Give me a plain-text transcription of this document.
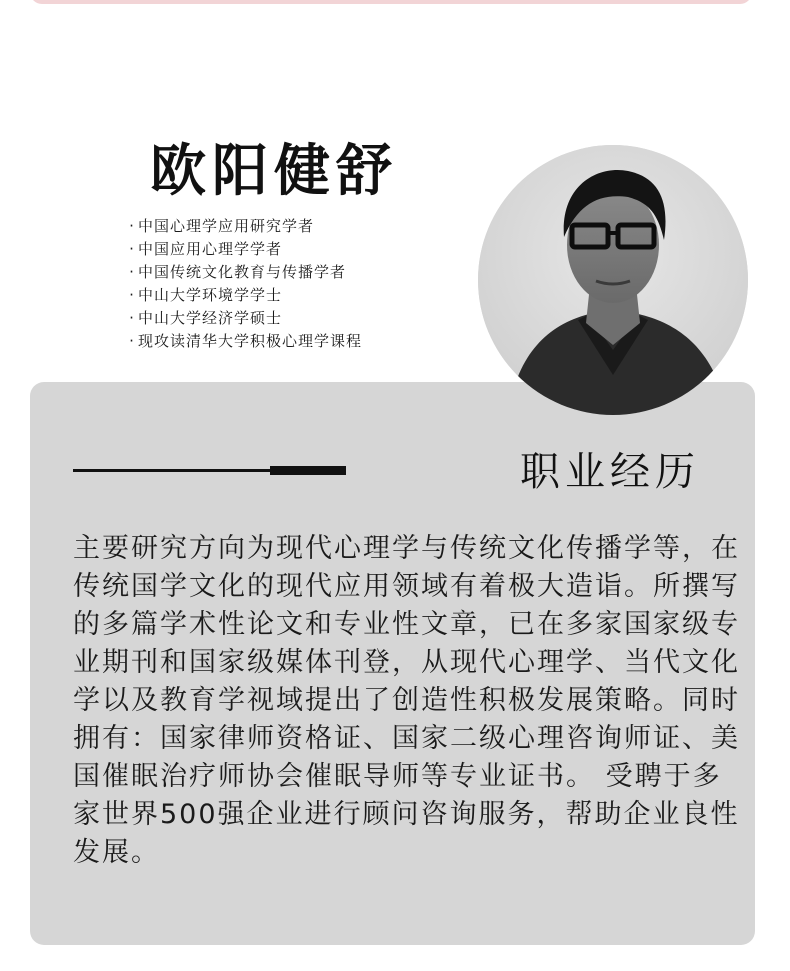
欧阳健舒
· 中国心理学应用研究学者
· 中国应用心理学学者
· 中国传统文化教育与传播学者
· 中山大学环境学学士
· 中山大学经济学硕士
· 现攻读清华大学积极心理学课程
职业经历

主要研究方向为现代心理学与传统文化传播学等，在传统国学文化的现代应用领域有着极大造诣。所撰写的多篇学术性论文和专业性文章，已在多家国家级专业期刊和国家级媒体刊登，从现代心理学、当代文化学以及教育学视域提出了创造性积极发展策略。同时拥有：国家律师资格证、国家二级心理咨询师证、美国催眠治疗师协会催眠导师等专业证书。 受聘于多家世界500强企业进行顾问咨询服务，帮助企业良性发展。
